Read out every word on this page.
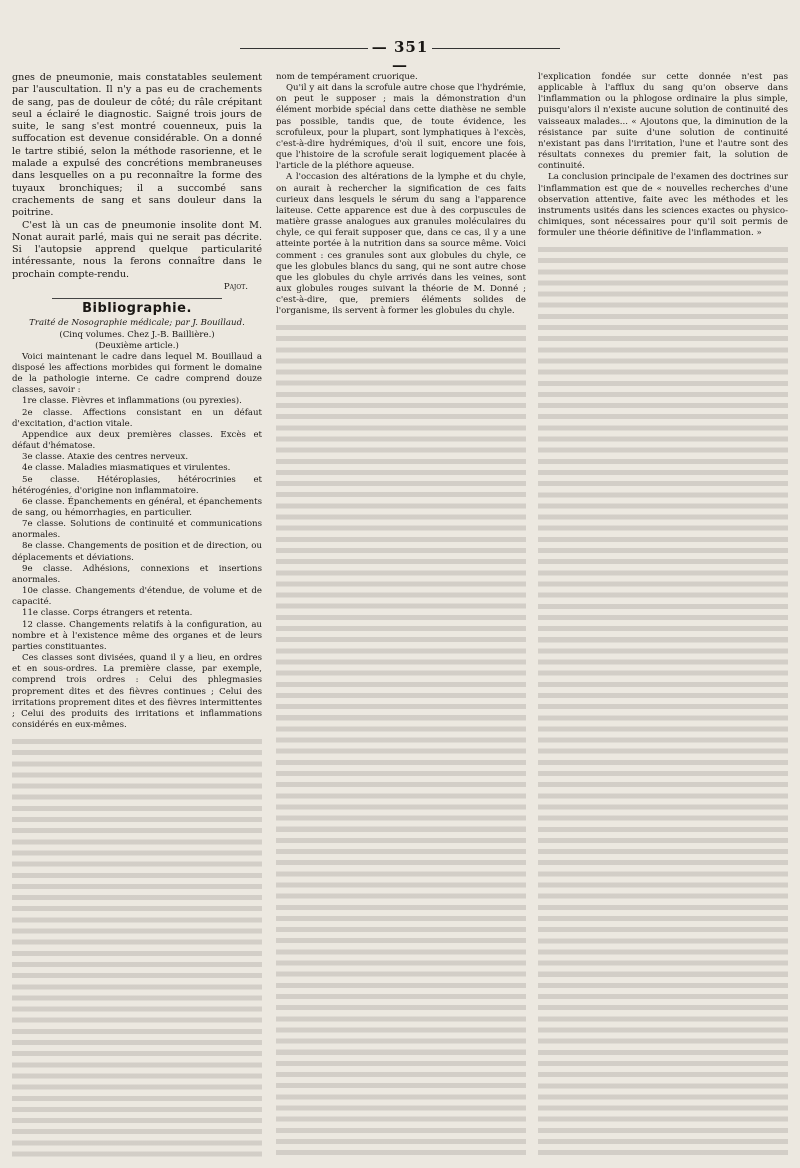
— 351 —

gnes de pneumonie, mais constatables seulement par l'auscultation. Il n'y a pas eu de crachements de sang, pas de douleur de côté; du râle crépitant seul a éclairé le diagnostic. Saigné trois jours de suite, le sang s'est montré couenneux, puis la suffocation est devenue considérable. On a donné le tartre stibié, selon la méthode rasorienne, et le malade a expulsé des concrétions membraneuses dans lesquelles on a pu reconnaître la forme des tuyaux bronchiques; il a succombé sans crachements de sang et sans douleur dans la poitrine.

C'est là un cas de pneumonie insolite dont M. Nonat aurait parlé, mais qui ne serait pas décrite. Si l'autopsie apprend quelque particularité intéressante, nous la ferons connaître dans le prochain compte-rendu.

Pajot.

Bibliographie.

Traité de Nosographie médicale; par J. Bouillaud.

(Cinq volumes. Chez J.-B. Baillière.)

(Deuxième article.)

Voici maintenant le cadre dans lequel M. Bouillaud a disposé les affections morbides qui forment le domaine de la pathologie interne. Ce cadre comprend douze classes, savoir :

1re classe. Fièvres et inflammations (ou pyrexies).

2e classe. Affections consistant en un défaut d'excitation, d'action vitale.

Appendice aux deux premières classes. Excès et défaut d'hématose.

3e classe. Ataxie des centres nerveux.

4e classe. Maladies miasmatiques et virulentes.

5e classe. Hétéroplasies, hétérocrinies et hétérogénies, d'origine non inflammatoire.

6e classe. Épanchements en général, et épanchements de sang, ou hémorrhagies, en particulier.

7e classe. Solutions de continuité et communications anormales.

8e classe. Changements de position et de direction, ou déplacements et déviations.

9e classe. Adhésions, connexions et insertions anormales.

10e classe. Changements d'étendue, de volume et de capacité.

11e classe. Corps étrangers et retenta.

12 classe. Changements relatifs à la configuration, au nombre et à l'existence même des organes et de leurs parties constituantes.

Ces classes sont divisées, quand il y a lieu, en ordres et en sous-ordres. La première classe, par exemple, comprend trois ordres : Celui des phlegmasies proprement dites et des fièvres continues ; Celui des irritations proprement dites et des fièvres intermittentes ; Celui des produits des irritations et inflammations considérés en eux-mêmes.

nom de tempérament cruorique.

Qu'il y ait dans la scrofule autre chose que l'hydrémie, on peut le supposer ; mais la démonstration d'un élément morbide spécial dans cette diathèse ne semble pas possible, tandis que, de toute évidence, les scrofuleux, pour la plupart, sont lymphatiques à l'excès, c'est-à-dire hydrémiques, d'où il suit, encore une fois, que l'histoire de la scrofule serait logiquement placée à l'article de la pléthore aqueuse.

A l'occasion des altérations de la lymphe et du chyle, on aurait à rechercher la signification de ces faits curieux dans lesquels le sérum du sang a l'apparence laiteuse. Cette apparence est due à des corpuscules de matière grasse analogues aux granules moléculaires du chyle, ce qui ferait supposer que, dans ce cas, il y a une atteinte portée à la nutrition dans sa source même. Voici comment : ces granules sont aux globules du chyle, ce que les globules blancs du sang, qui ne sont autre chose que les globules du chyle arrivés dans les veines, sont aux globules rouges suivant la théorie de M. Donné ; c'est-à-dire, que, premiers éléments solides de l'organisme, ils servent à former les globules du chyle.

l'explication fondée sur cette donnée n'est pas applicable à l'afflux du sang qu'on observe dans l'inflammation ou la phlogose ordinaire la plus simple, puisqu'alors il n'existe aucune solution de continuité des vaisseaux malades... « Ajoutons que, la diminution de la résistance par suite d'une solution de continuité n'existant pas dans l'irritation, l'une et l'autre sont des résultats connexes du premier fait, la solution de continuité.

La conclusion principale de l'examen des doctrines sur l'inflammation est que de « nouvelles recherches d'une observation attentive, faite avec les méthodes et les instruments usités dans les sciences exactes ou physico-chimiques, sont nécessaires pour qu'il soit permis de formuler une théorie définitive de l'inflammation. »
